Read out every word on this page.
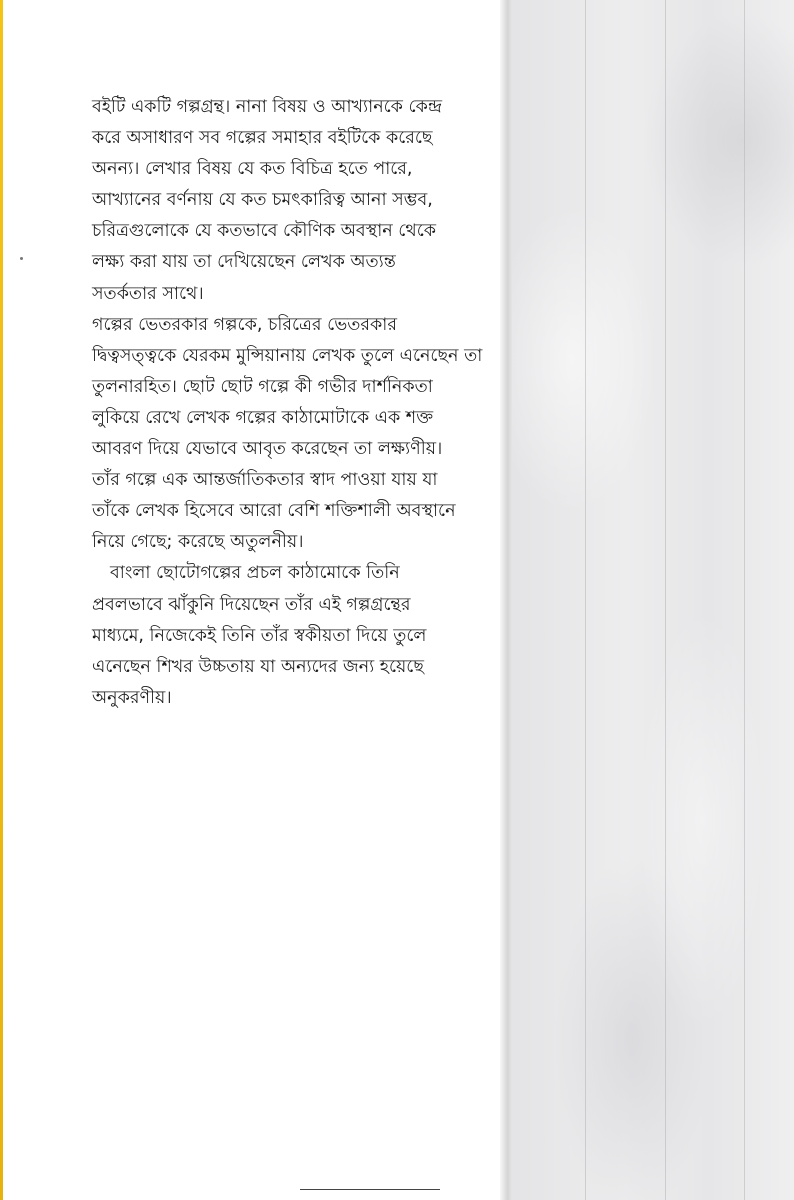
বইটি একটি গল্পগ্রন্থ। নানা বিষয় ও আখ্যানকে কেন্দ্র
করে অসাধারণ সব গল্পের সমাহার বইটিকে করেছে
অনন্য। লেখার বিষয় যে কত বিচিত্র হতে পারে,
আখ্যানের বর্ণনায় যে কত চমৎকারিত্ব আনা সম্ভব,
চরিত্রগুলোকে যে কতভাবে কৌণিক অবস্থান থেকে
লক্ষ্য করা যায় তা দেখিয়েছেন লেখক অত্যন্ত
সতর্কতার সাথে।

গল্পের ভেতরকার গল্পকে, চরিত্রের ভেতরকার
দ্বিত্বসত্ত্বকে যেরকম মুন্সিয়ানায় লেখক তুলে এনেছেন তা
তুলনারহিত। ছোট ছোট গল্পে কী গভীর দার্শনিকতা
লুকিয়ে রেখে লেখক গল্পের কাঠামোটাকে এক শক্ত
আবরণ দিয়ে যেভাবে আবৃত করেছেন তা লক্ষ্যণীয়।
তাঁর গল্পে এক আন্তর্জাতিকতার স্বাদ পাওয়া যায় যা
তাঁকে লেখক হিসেবে আরো বেশি শক্তিশালী অবস্থানে
নিয়ে গেছে; করেছে অতুলনীয়।

বাংলা ছোটোগল্পের প্রচল কাঠামোকে তিনি
প্রবলভাবে ঝাঁকুনি দিয়েছেন তাঁর এই গল্পগ্রন্থের
মাধ্যমে, নিজেকেই তিনি তাঁর স্বকীয়তা দিয়ে তুলে
এনেছেন শিখর উচ্চতায় যা অন্যদের জন্য হয়েছে
অনুকরণীয়।
